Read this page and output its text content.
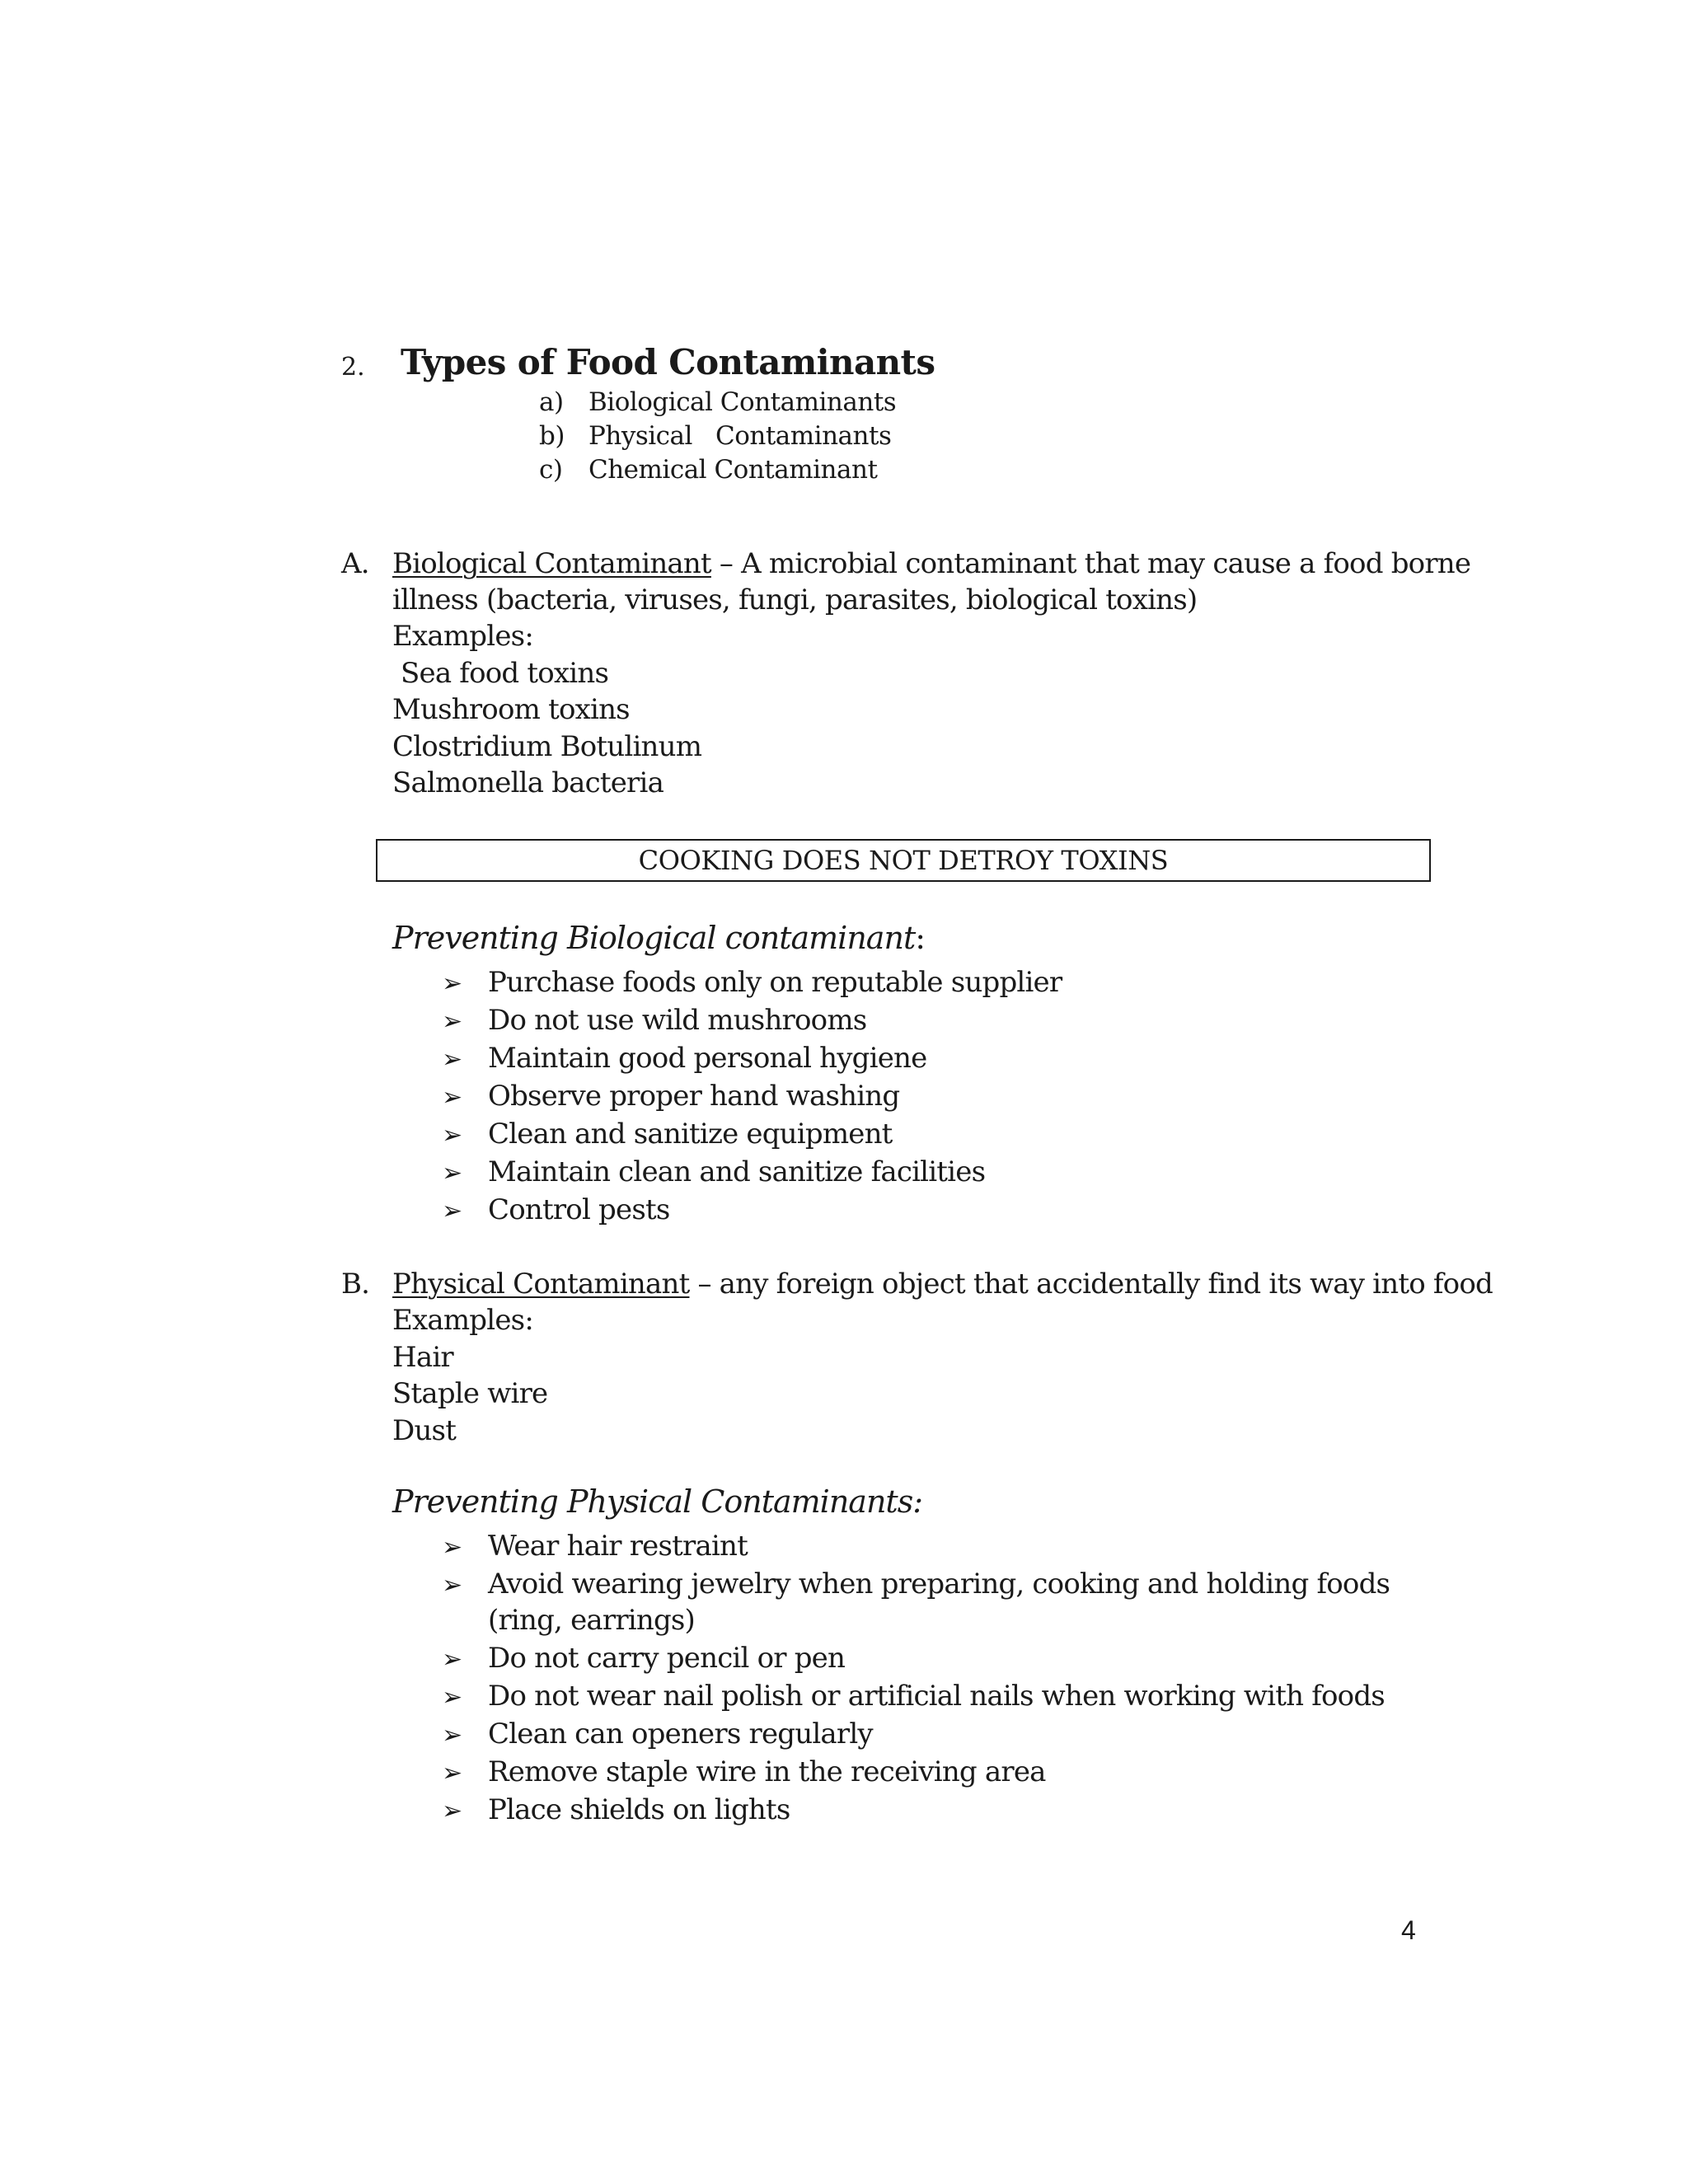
2. Types of Food Contaminants
a) Biological Contaminants
b) Physical   Contaminants
c)	Chemical Contaminant
A. Biological Contaminant – A microbial contaminant that may cause a food borne
illness (bacteria, viruses, fungi, parasites, biological toxins)
Examples:
Sea food toxins
Mushroom toxins
Clostridium Botulinum
Salmonella bacteria
COOKING DOES NOT DETROY TOXINS
Preventing Biological contaminant:
➢ Purchase foods only on reputable supplier
➢ Do not use wild mushrooms
➢ Maintain good personal hygiene
➢ Observe proper hand washing
➢ Clean and sanitize equipment
➢ Maintain clean and sanitize facilities
➢ Control pests
B. Physical Contaminant – any foreign object that accidentally find its way into food
Examples:
Hair
Staple wire
Dust
Preventing Physical Contaminants:
➢ Wear hair restraint
➢ Avoid wearing jewelry when preparing, cooking and holding foods (ring, earrings)
➢ Do not carry pencil or pen
➢ Do not wear nail polish or artificial nails when working with foods
➢ Clean can openers regularly
➢ Remove staple wire in the receiving area
➢ Place shields on lights
4
